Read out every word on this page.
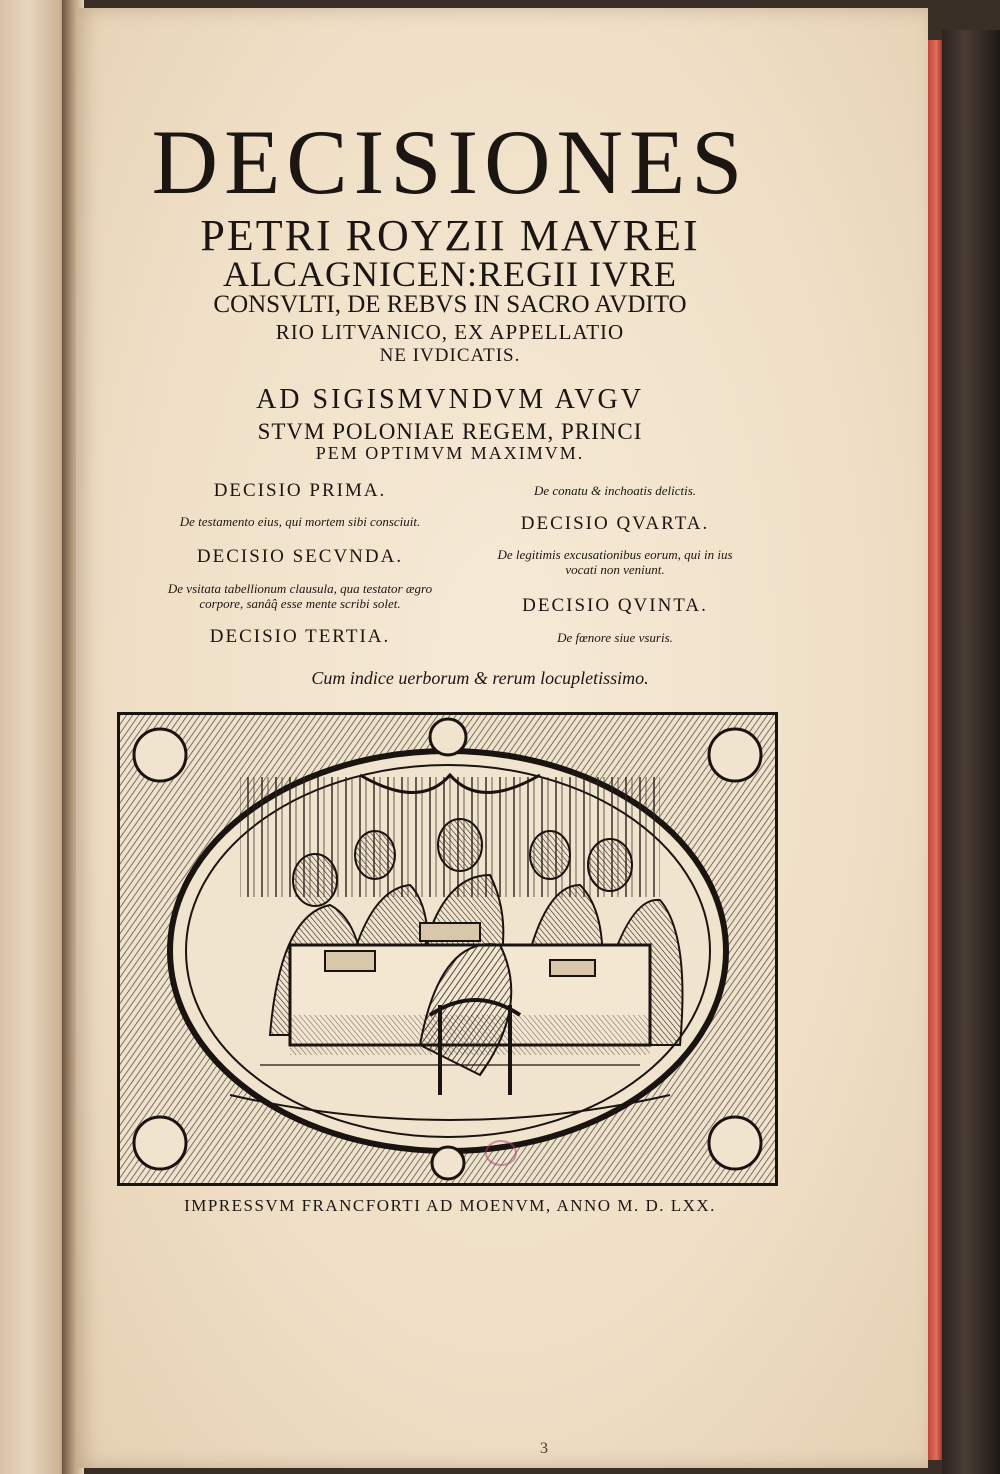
DECISIONES
PETRI ROYZII MAVREI
ALCAGNICEN:REGII IVRE
CONSVLTI, DE REBVS IN SACRO AVDITO
RIO LITVANICO, EX APPELLATIO
NE IVDICATIS.
AD SIGISMVNDVM AVGV
STVM POLONIAE REGEM, PRINCI
PEM OPTIMVM MAXIMVM.
DECISIO PRIMA.
De testamento eius, qui mortem sibi consciuit.
DECISIO SECVNDA.
De vsitata tabellionum clausula, qua testator ægro corpore, sanâq̂ esse mente scribi solet.
DECISIO TERTIA.
De conatu & inchoatis delictis.
DECISIO QVARTA.
De legitimis excusationibus eorum, qui in ius vocati non veniunt.
DECISIO QVINTA.
De fœnore siue vsuris.
Cum indice uerborum & rerum locupletissimo.
IMPRESSVM FRANCFORTI AD MOENVM, ANNO M. D. LXX.
3
